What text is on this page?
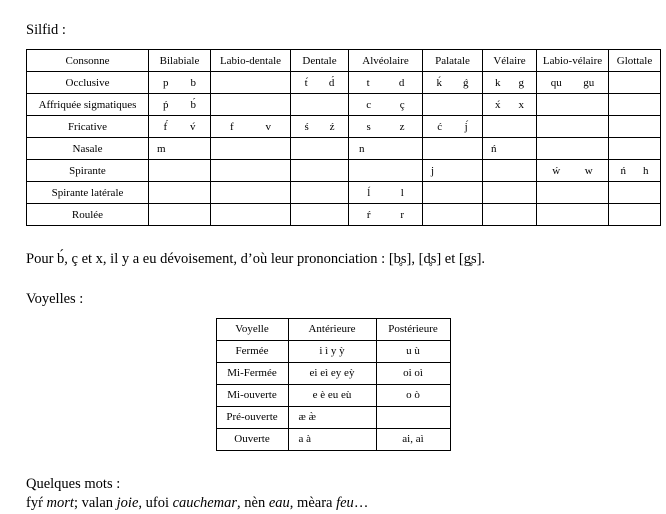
Silfid :
Consonne	Bilabiale	Labio-dentale	Dentale	Alvéolaire	Palatale	Vélaire	Labio-vélaire	Glottale
Occlusive	p b		t́ d́	t d	ḱ ǵ	k g	qu gu	

Affriquée sigmatiques	ṕ b́			c ç		x́ x		

Fricative	f́ v́	f v	ś ź	s z	ć j́			

Nasale	m			n		ń		
Spirante					j		ẃ w	ń h

Spirante latérale				ĺ l				

Roulée				ŕ r				

Pour b́, ç et x, il y a eu dévoisement, d’où leur prononciation : [b̥s], [d̥s] et [g̥s].
Voyelles :
Voyelle	Antérieure	Postérieure
Fermée	i ì y ỳ	u ù
Mi-Fermée	ei eì ey eỳ	oi oì
Mi-ouverte	e è eu eù	o ò
Pré-ouverte	æ æ̀	
Ouverte	a à	ai, aì
Quelques mots :
fyŕ mort; valan joie, ufoi cauchemar, nèn eau, mèara feu…
